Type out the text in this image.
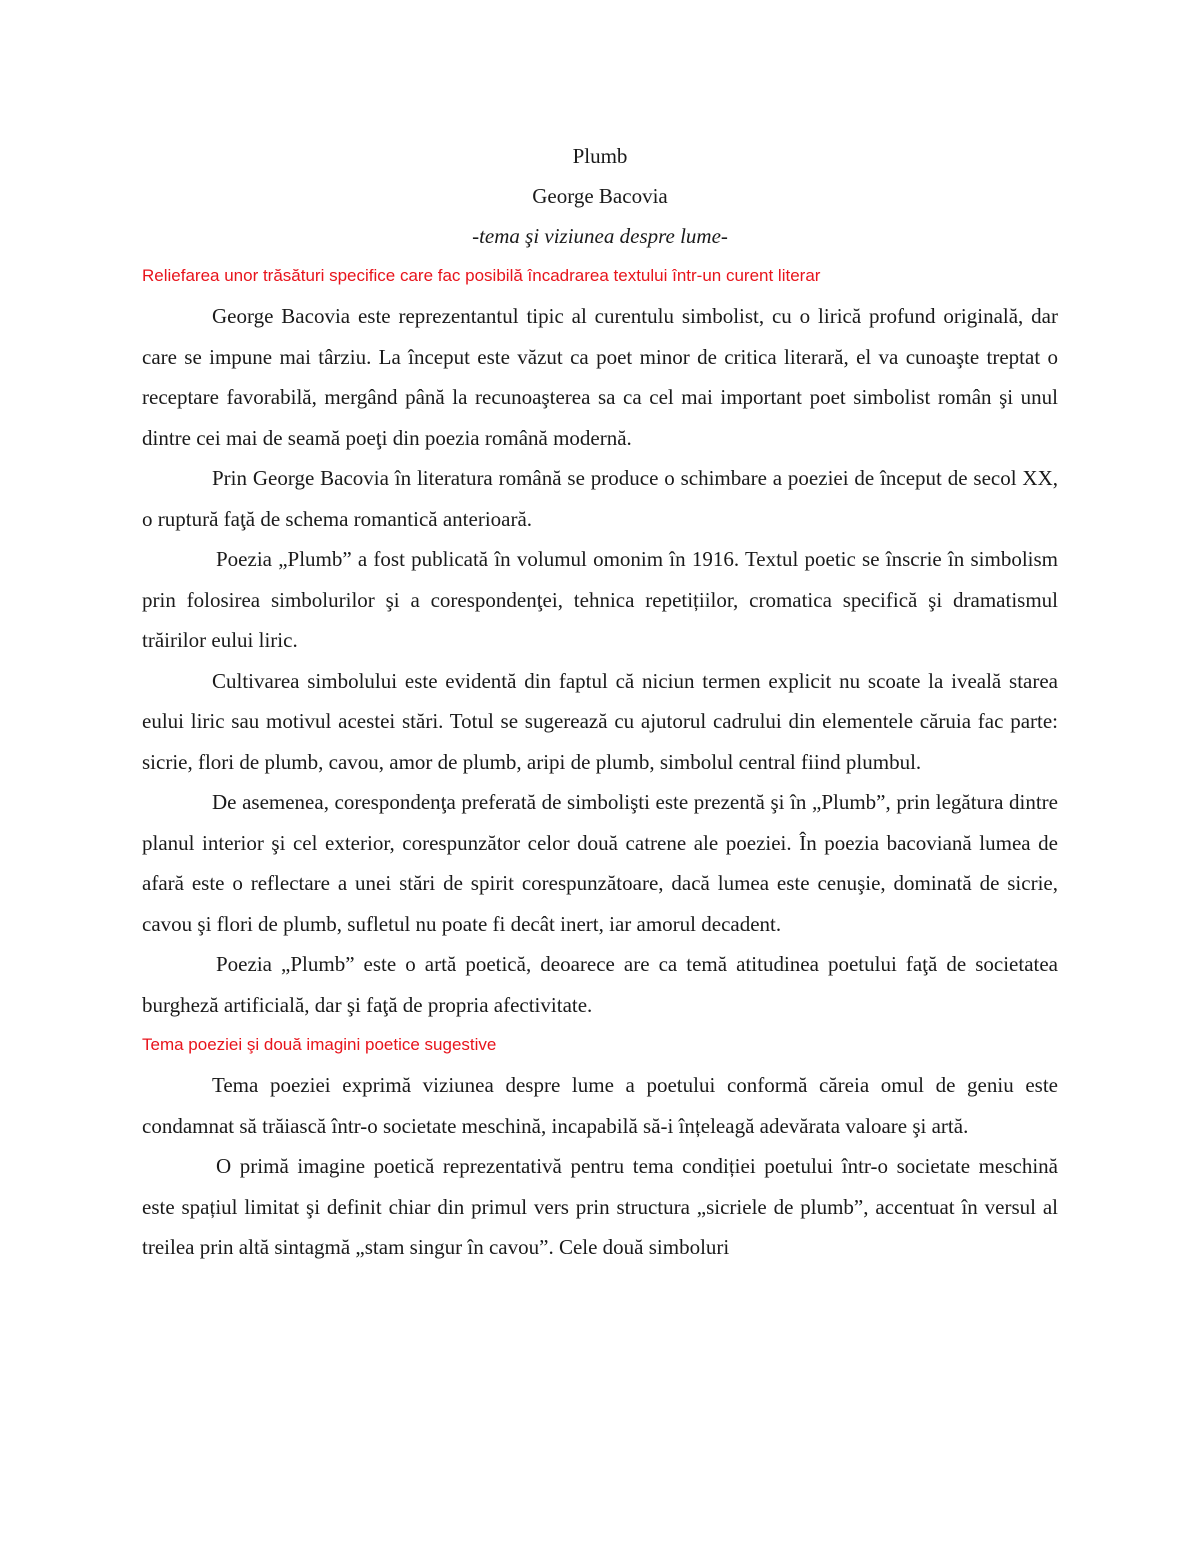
Plumb

George Bacovia

-tema şi viziunea despre lume-

Reliefarea unor trăsături specifice care fac posibilă încadrarea textului într-un curent literar

George Bacovia este reprezentantul tipic al curentulu simbolist, cu o lirică profund originală, dar care se impune mai târziu. La început este văzut ca poet minor de critica literară, el va cunoaşte treptat o receptare favorabilă, mergând până la recunoaşterea sa ca cel mai important poet simbolist român şi unul dintre cei mai de seamă poeţi din poezia română modernă.

Prin George Bacovia în literatura română se produce o schimbare a poeziei de început de secol XX, o ruptură faţă de schema romantică anterioară.

Poezia „Plumb” a fost publicată în volumul omonim în 1916. Textul poetic se înscrie în simbolism prin folosirea simbolurilor şi a corespondenţei, tehnica repetițiilor, cromatica specifică şi dramatismul trăirilor eului liric.

Cultivarea simbolului este evidentă din faptul că niciun termen explicit nu scoate la iveală starea eului liric sau motivul acestei stări. Totul se sugerează cu ajutorul cadrului din elementele căruia fac parte: sicrie, flori de plumb, cavou, amor de plumb, aripi de plumb, simbolul central fiind plumbul.

De asemenea, corespondenţa preferată de simbolişti este prezentă şi în „Plumb”, prin legătura dintre planul interior şi cel exterior, corespunzător celor două catrene ale poeziei. În poezia bacoviană lumea de afară este o reflectare a unei stări de spirit corespunzătoare, dacă lumea este cenuşie, dominată de sicrie, cavou şi flori de plumb, sufletul nu poate fi decât inert, iar amorul decadent.

Poezia „Plumb” este o artă poetică, deoarece are ca temă atitudinea poetului faţă de societatea burgheză artificială, dar şi faţă de propria afectivitate.

Tema poeziei şi două imagini poetice sugestive

Tema poeziei exprimă viziunea despre lume a poetului conformă căreia omul de geniu este condamnat să trăiască într-o societate meschină, incapabilă să-i înțeleagă adevărata valoare şi artă.

O primă imagine poetică reprezentativă pentru tema condiției poetului într-o societate meschină este spațiul limitat şi definit chiar din primul vers prin structura „sicriele de plumb”, accentuat în versul al treilea prin altă sintagmă „stam singur în cavou”. Cele două simboluri
